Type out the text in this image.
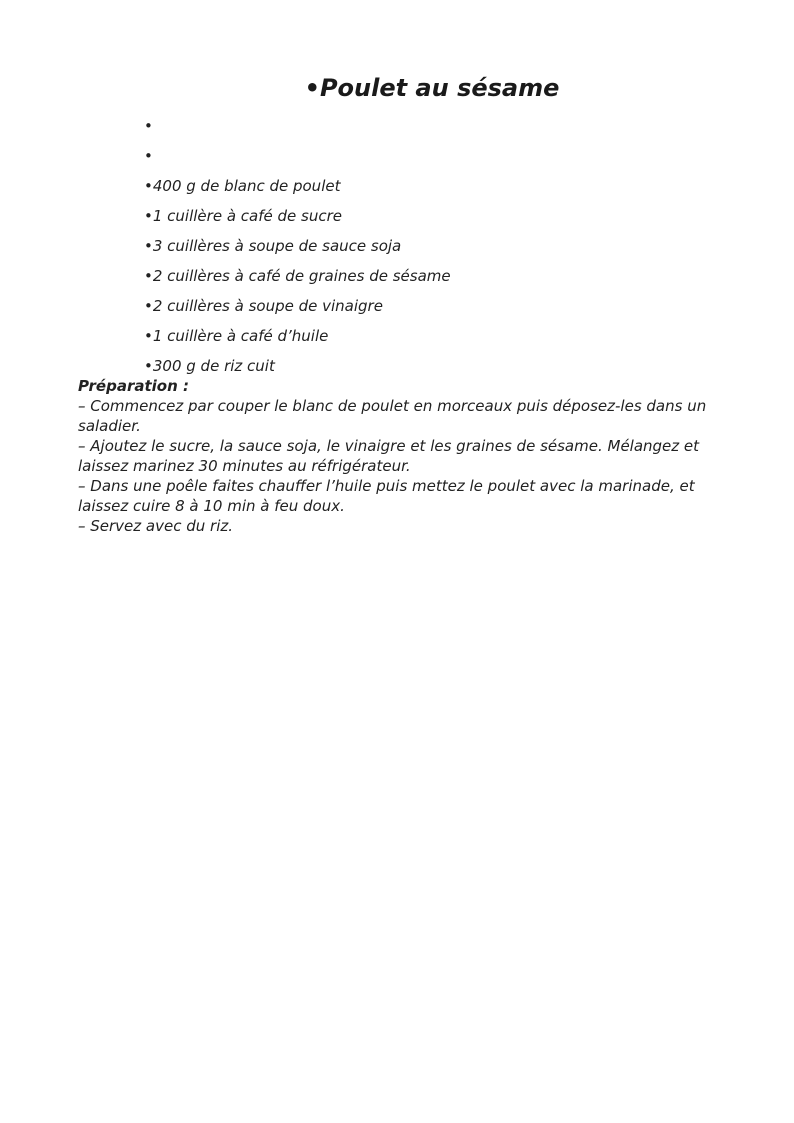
•Poulet au sésame
•
•
•400 g de blanc de poulet
•1 cuillère à café de sucre
•3 cuillères à soupe de sauce soja
•2 cuillères à café de graines de sésame
•2 cuillères à soupe de vinaigre
•1 cuillère à café d’huile
•300 g de riz cuit

Préparation :

– Commencez par couper le blanc de poulet en morceaux puis déposez-les dans un saladier.

– Ajoutez le sucre, la sauce soja, le vinaigre et les graines de sésame. Mélangez et laissez marinez 30 minutes au réfrigérateur.

– Dans une poêle faites chauffer l’huile puis mettez le poulet avec la marinade, et laissez cuire 8 à 10 min à feu doux.

– Servez avec du riz.
